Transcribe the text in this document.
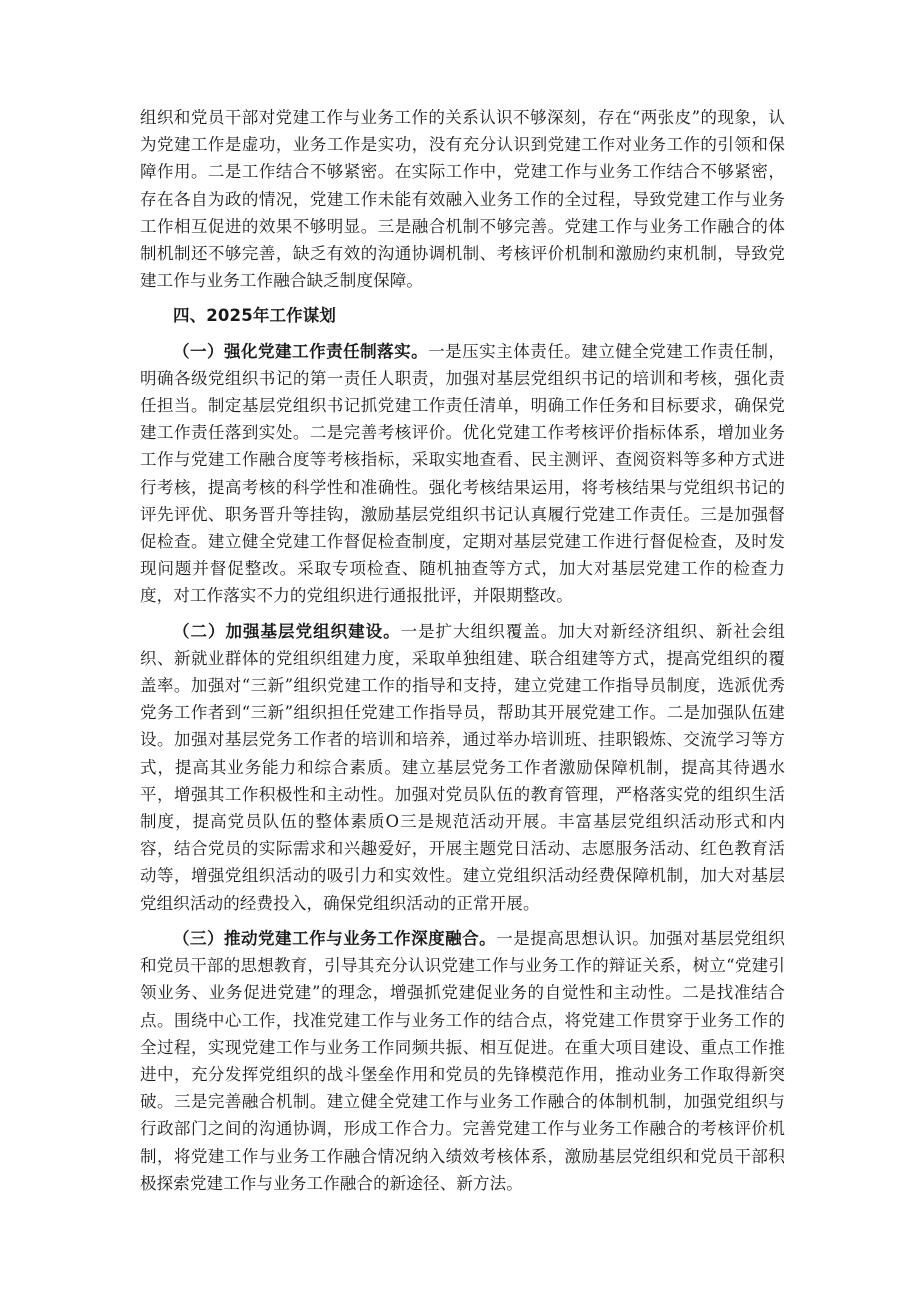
组织和党员干部对党建工作与业务工作的关系认识不够深刻，存在“两张皮”的现象，认为党建工作是虚功，业务工作是实功，没有充分认识到党建工作对业务工作的引领和保障作用。二是工作结合不够紧密。在实际工作中，党建工作与业务工作结合不够紧密，存在各自为政的情况，党建工作未能有效融入业务工作的全过程，导致党建工作与业务工作相互促进的效果不够明显。三是融合机制不够完善。党建工作与业务工作融合的体制机制还不够完善，缺乏有效的沟通协调机制、考核评价机制和激励约束机制，导致党建工作与业务工作融合缺乏制度保障。

四、2025年工作谋划

（一）强化党建工作责任制落实。一是压实主体责任。建立健全党建工作责任制，明确各级党组织书记的第一责任人职责，加强对基层党组织书记的培训和考核，强化责任担当。制定基层党组织书记抓党建工作责任清单，明确工作任务和目标要求，确保党建工作责任落到实处。二是完善考核评价。优化党建工作考核评价指标体系，增加业务工作与党建工作融合度等考核指标，采取实地查看、民主测评、查阅资料等多种方式进行考核，提高考核的科学性和准确性。强化考核结果运用，将考核结果与党组织书记的评先评优、职务晋升等挂钩，激励基层党组织书记认真履行党建工作责任。三是加强督促检查。建立健全党建工作督促检查制度，定期对基层党建工作进行督促检查，及时发现问题并督促整改。采取专项检查、随机抽查等方式，加大对基层党建工作的检查力度，对工作落实不力的党组织进行通报批评，并限期整改。

（二）加强基层党组织建设。一是扩大组织覆盖。加大对新经济组织、新社会组织、新就业群体的党组织组建力度，采取单独组建、联合组建等方式，提高党组织的覆盖率。加强对“三新”组织党建工作的指导和支持，建立党建工作指导员制度，选派优秀党务工作者到“三新”组织担任党建工作指导员，帮助其开展党建工作。二是加强队伍建设。加强对基层党务工作者的培训和培养，通过举办培训班、挂职锻炼、交流学习等方式，提高其业务能力和综合素质。建立基层党务工作者激励保障机制，提高其待遇水平，增强其工作积极性和主动性。加强对党员队伍的教育管理，严格落实党的组织生活制度，提高党员队伍的整体素质O三是规范活动开展。丰富基层党组织活动形式和内容，结合党员的实际需求和兴趣爱好，开展主题党日活动、志愿服务活动、红色教育活动等，增强党组织活动的吸引力和实效性。建立党组织活动经费保障机制，加大对基层党组织活动的经费投入，确保党组织活动的正常开展。

（三）推动党建工作与业务工作深度融合。一是提高思想认识。加强对基层党组织和党员干部的思想教育，引导其充分认识党建工作与业务工作的辩证关系，树立“党建引领业务、业务促进党建”的理念，增强抓党建促业务的自觉性和主动性。二是找准结合点。围绕中心工作，找准党建工作与业务工作的结合点，将党建工作贯穿于业务工作的全过程，实现党建工作与业务工作同频共振、相互促进。在重大项目建设、重点工作推进中，充分发挥党组织的战斗堡垒作用和党员的先锋模范作用，推动业务工作取得新突破。三是完善融合机制。建立健全党建工作与业务工作融合的体制机制，加强党组织与行政部门之间的沟通协调，形成工作合力。完善党建工作与业务工作融合的考核评价机制，将党建工作与业务工作融合情况纳入绩效考核体系，激励基层党组织和党员干部积极探索党建工作与业务工作融合的新途径、新方法。
